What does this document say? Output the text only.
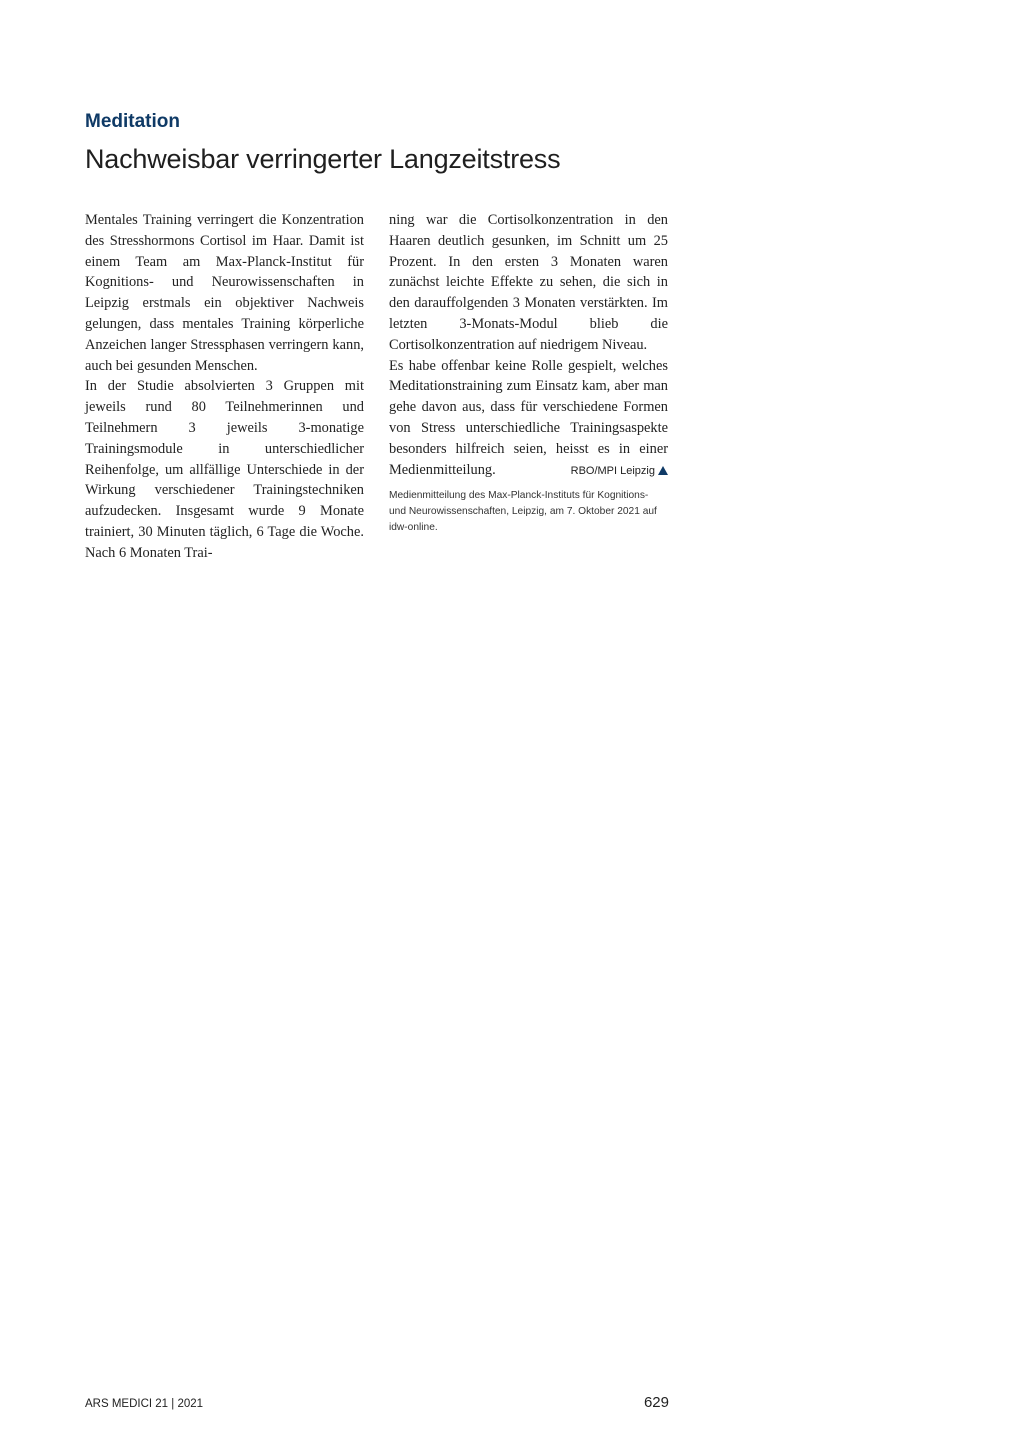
Meditation
Nachweisbar verringerter Langzeitstress

Mentales Training verringert die Konzentration des Stresshormons Cortisol im Haar. Damit ist einem Team am Max-Planck-Institut für Kognitions- und Neurowissenschaften in Leipzig erstmals ein objektiver Nachweis gelungen, dass mentales Training körperliche Anzeichen langer Stressphasen verringern kann, auch bei gesunden Menschen.

In der Studie absolvierten 3 Gruppen mit jeweils rund 80 Teilnehmerinnen und Teilnehmern 3 jeweils 3-monatige Trainingsmodule in unterschiedlicher Reihenfolge, um allfällige Unterschiede in der Wirkung verschiedener Trainingstechniken aufzudecken. Insgesamt wurde 9 Monate trainiert, 30 Minuten täglich, 6 Tage die Woche. Nach 6 Monaten Trai-

ning war die Cortisolkonzentration in den Haaren deutlich gesunken, im Schnitt um 25 Prozent. In den ersten 3 Monaten waren zunächst leichte Effekte zu sehen, die sich in den darauffolgenden 3 Monaten verstärkten. Im letzten 3-Monats-Modul blieb die Cortisolkonzentration auf niedrigem Niveau.

Es habe offenbar keine Rolle gespielt, welches Meditationstraining zum Einsatz kam, aber man gehe davon aus, dass für verschiedene Formen von Stress unterschiedliche Trainingsaspekte besonders hilfreich seien, heisst es in einer Medienmitteilung.	RBO/MPI Leipzig

Medienmitteilung des Max-Planck-Instituts für Kognitions- und Neurowissenschaften, Leipzig, am 7. Oktober 2021 auf idw-online.
ARS MEDICI 21 | 2021	629
